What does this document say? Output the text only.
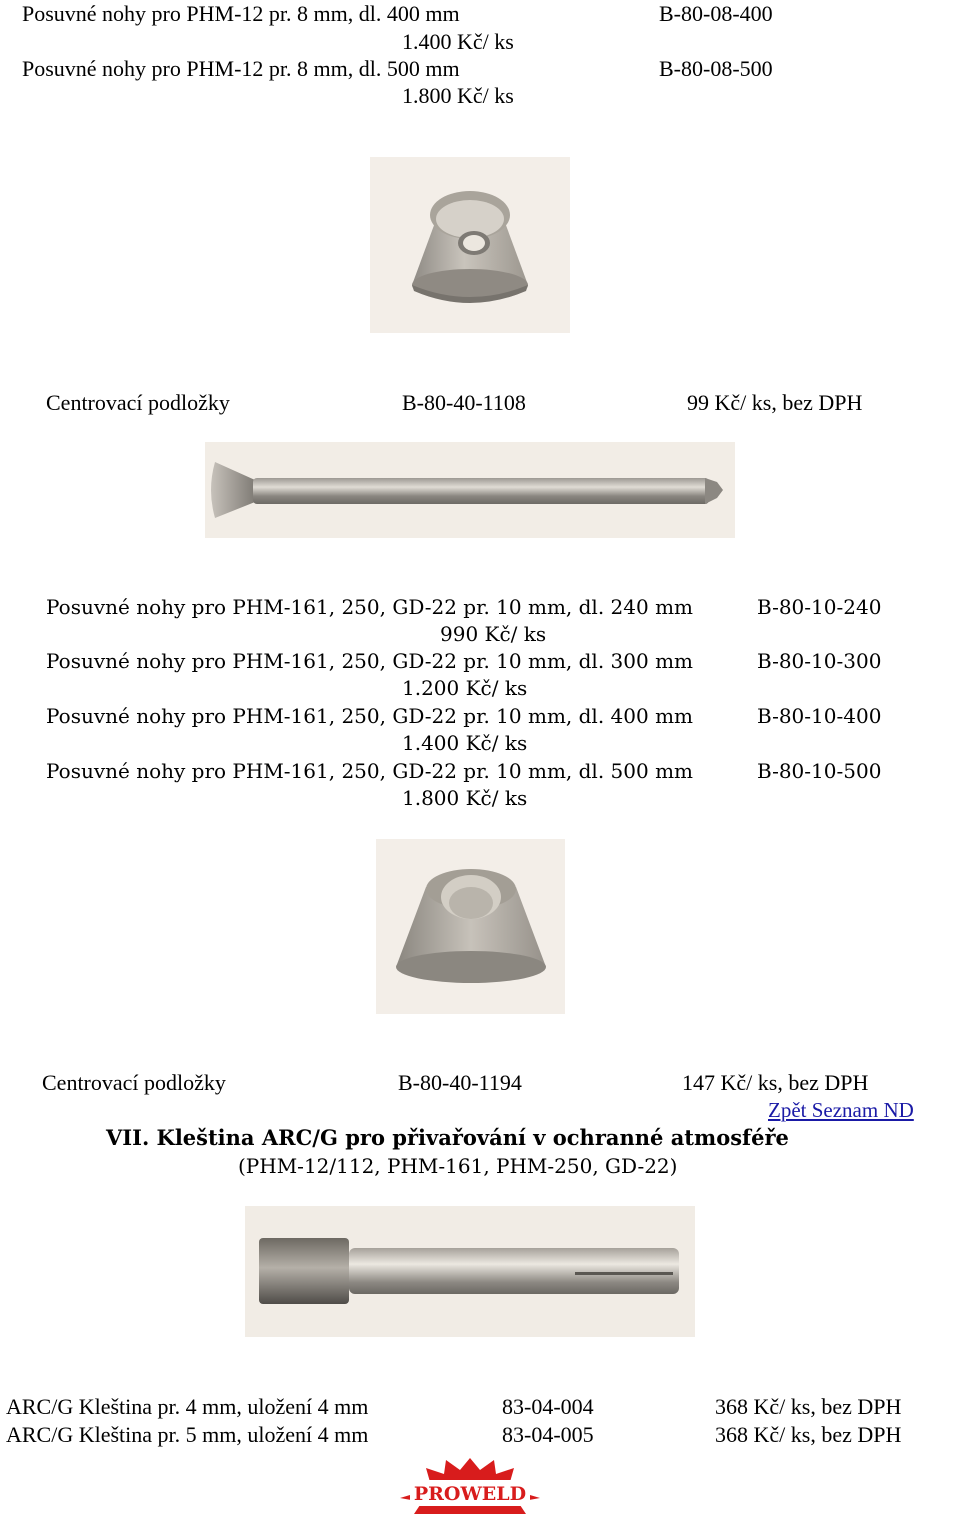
Posuvné nohy pro PHM-12 pr. 8 mm, dl. 400 mm	B-80-08-400
1.400 Kč/ ks
Posuvné nohy pro PHM-12 pr. 8 mm, dl. 500 mm	B-80-08-500
1.800 Kč/ ks
Centrovací podložky	B-80-40-1108	99 Kč/ ks, bez DPH
Posuvné nohy pro PHM-161, 250, GD-22 pr. 10 mm, dl. 240 mm	B-80-10-240
990 Kč/ ks
Posuvné nohy pro PHM-161, 250, GD-22 pr. 10 mm, dl. 300 mm	B-80-10-300
1.200 Kč/ ks
Posuvné nohy pro PHM-161, 250, GD-22 pr. 10 mm, dl. 400 mm	B-80-10-400
1.400 Kč/ ks
Posuvné nohy pro PHM-161, 250, GD-22 pr. 10 mm, dl. 500 mm	B-80-10-500
1.800 Kč/ ks
Centrovací podložky	B-80-40-1194	147 Kč/ ks, bez DPH
Zpět Seznam ND
VII. Kleština ARC/G pro přivařování v ochranné atmosféře
(PHM-12/112, PHM-161, PHM-250, GD-22)
ARC/G Kleština pr. 4 mm, uložení 4 mm	83-04-004	368 Kč/ ks, bez DPH
ARC/G Kleština pr. 5 mm, uložení 4 mm	83-04-005	368 Kč/ ks, bez DPH
PROWELD
